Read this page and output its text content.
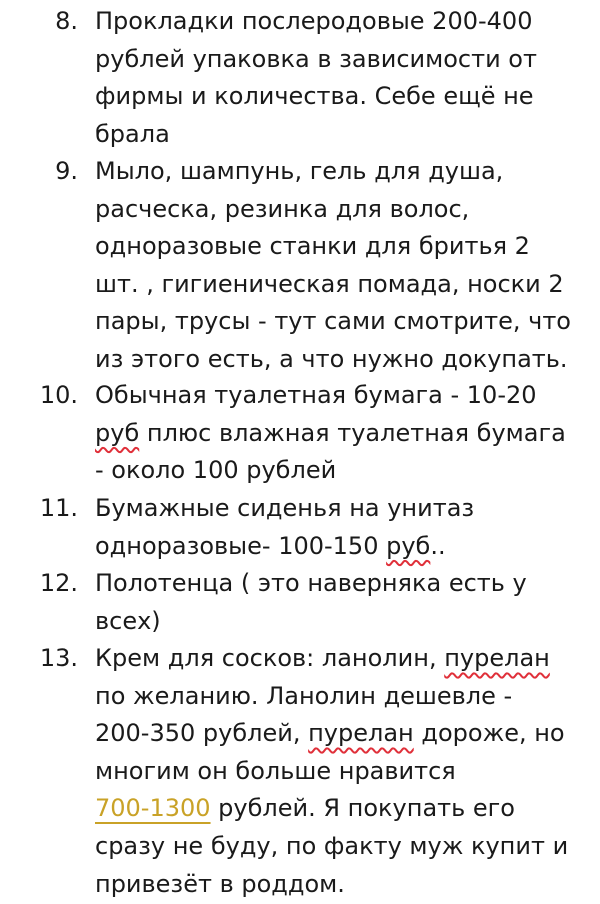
8. Прокладки послеродовые 200-400
рублей упаковка в зависимости от
фирмы и количества. Себе ещё не
брала
9. Мыло, шампунь, гель для душа,
расческа, резинка для волос,
одноразовые станки для бритья 2
шт. , гигиеническая помада, носки 2
пары, трусы - тут сами смотрите, что
из этого есть, а что нужно докупать.
10. Обычная туалетная бумага - 10-20
руб плюс влажная туалетная бумага
- около 100 рублей
11. Бумажные сиденья на унитаз
одноразовые- 100-150 руб..
12. Полотенца ( это наверняка есть у
всех)
13. Крем для сосков: ланолин, пурелан
по желанию. Ланолин дешевле -
200-350 рублей, пурелан дороже, но
многим он больше нравится
700-1300 рублей. Я покупать его
сразу не буду, по факту муж купит и
привезёт в роддом.
